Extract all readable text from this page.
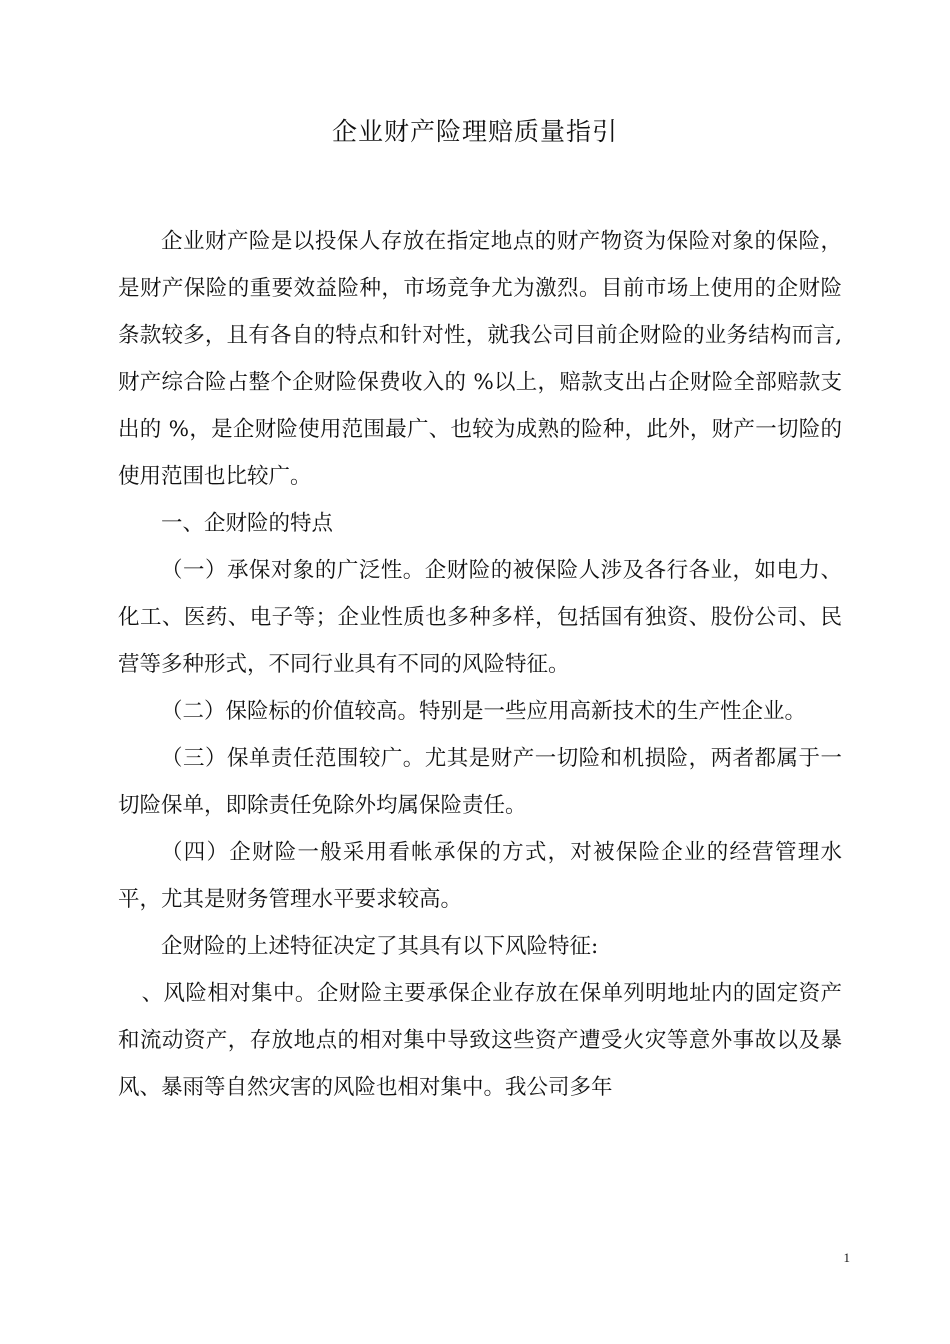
企业财产险理赔质量指引

企业财产险是以投保人存放在指定地点的财产物资为保险对象的保险，是财产保险的重要效益险种，市场竞争尤为激烈。目前市场上使用的企财险条款较多，且有各自的特点和针对性，就我公司目前企财险的业务结构而言,财产综合险占整个企财险保费收入的 %以上，赔款支出占企财险全部赔款支出的 %，是企财险使用范围最广、也较为成熟的险种，此外，财产一切险的使用范围也比较广。

一、企财险的特点

（一）承保对象的广泛性。企财险的被保险人涉及各行各业，如电力、化工、医药、电子等；企业性质也多种多样，包括国有独资、股份公司、民营等多种形式，不同行业具有不同的风险特征。

（二）保险标的价值较高。特别是一些应用高新技术的生产性企业。

（三）保单责任范围较广。尤其是财产一切险和机损险，两者都属于一切险保单，即除责任免除外均属保险责任。

（四）企财险一般采用看帐承保的方式，对被保险企业的经营管理水平，尤其是财务管理水平要求较高。

企财险的上述特征决定了其具有以下风险特征:

、风险相对集中。企财险主要承保企业存放在保单列明地址内的固定资产和流动资产，存放地点的相对集中导致这些资产遭受火灾等意外事故以及暴风、暴雨等自然灾害的风险也相对集中。我公司多年

1
